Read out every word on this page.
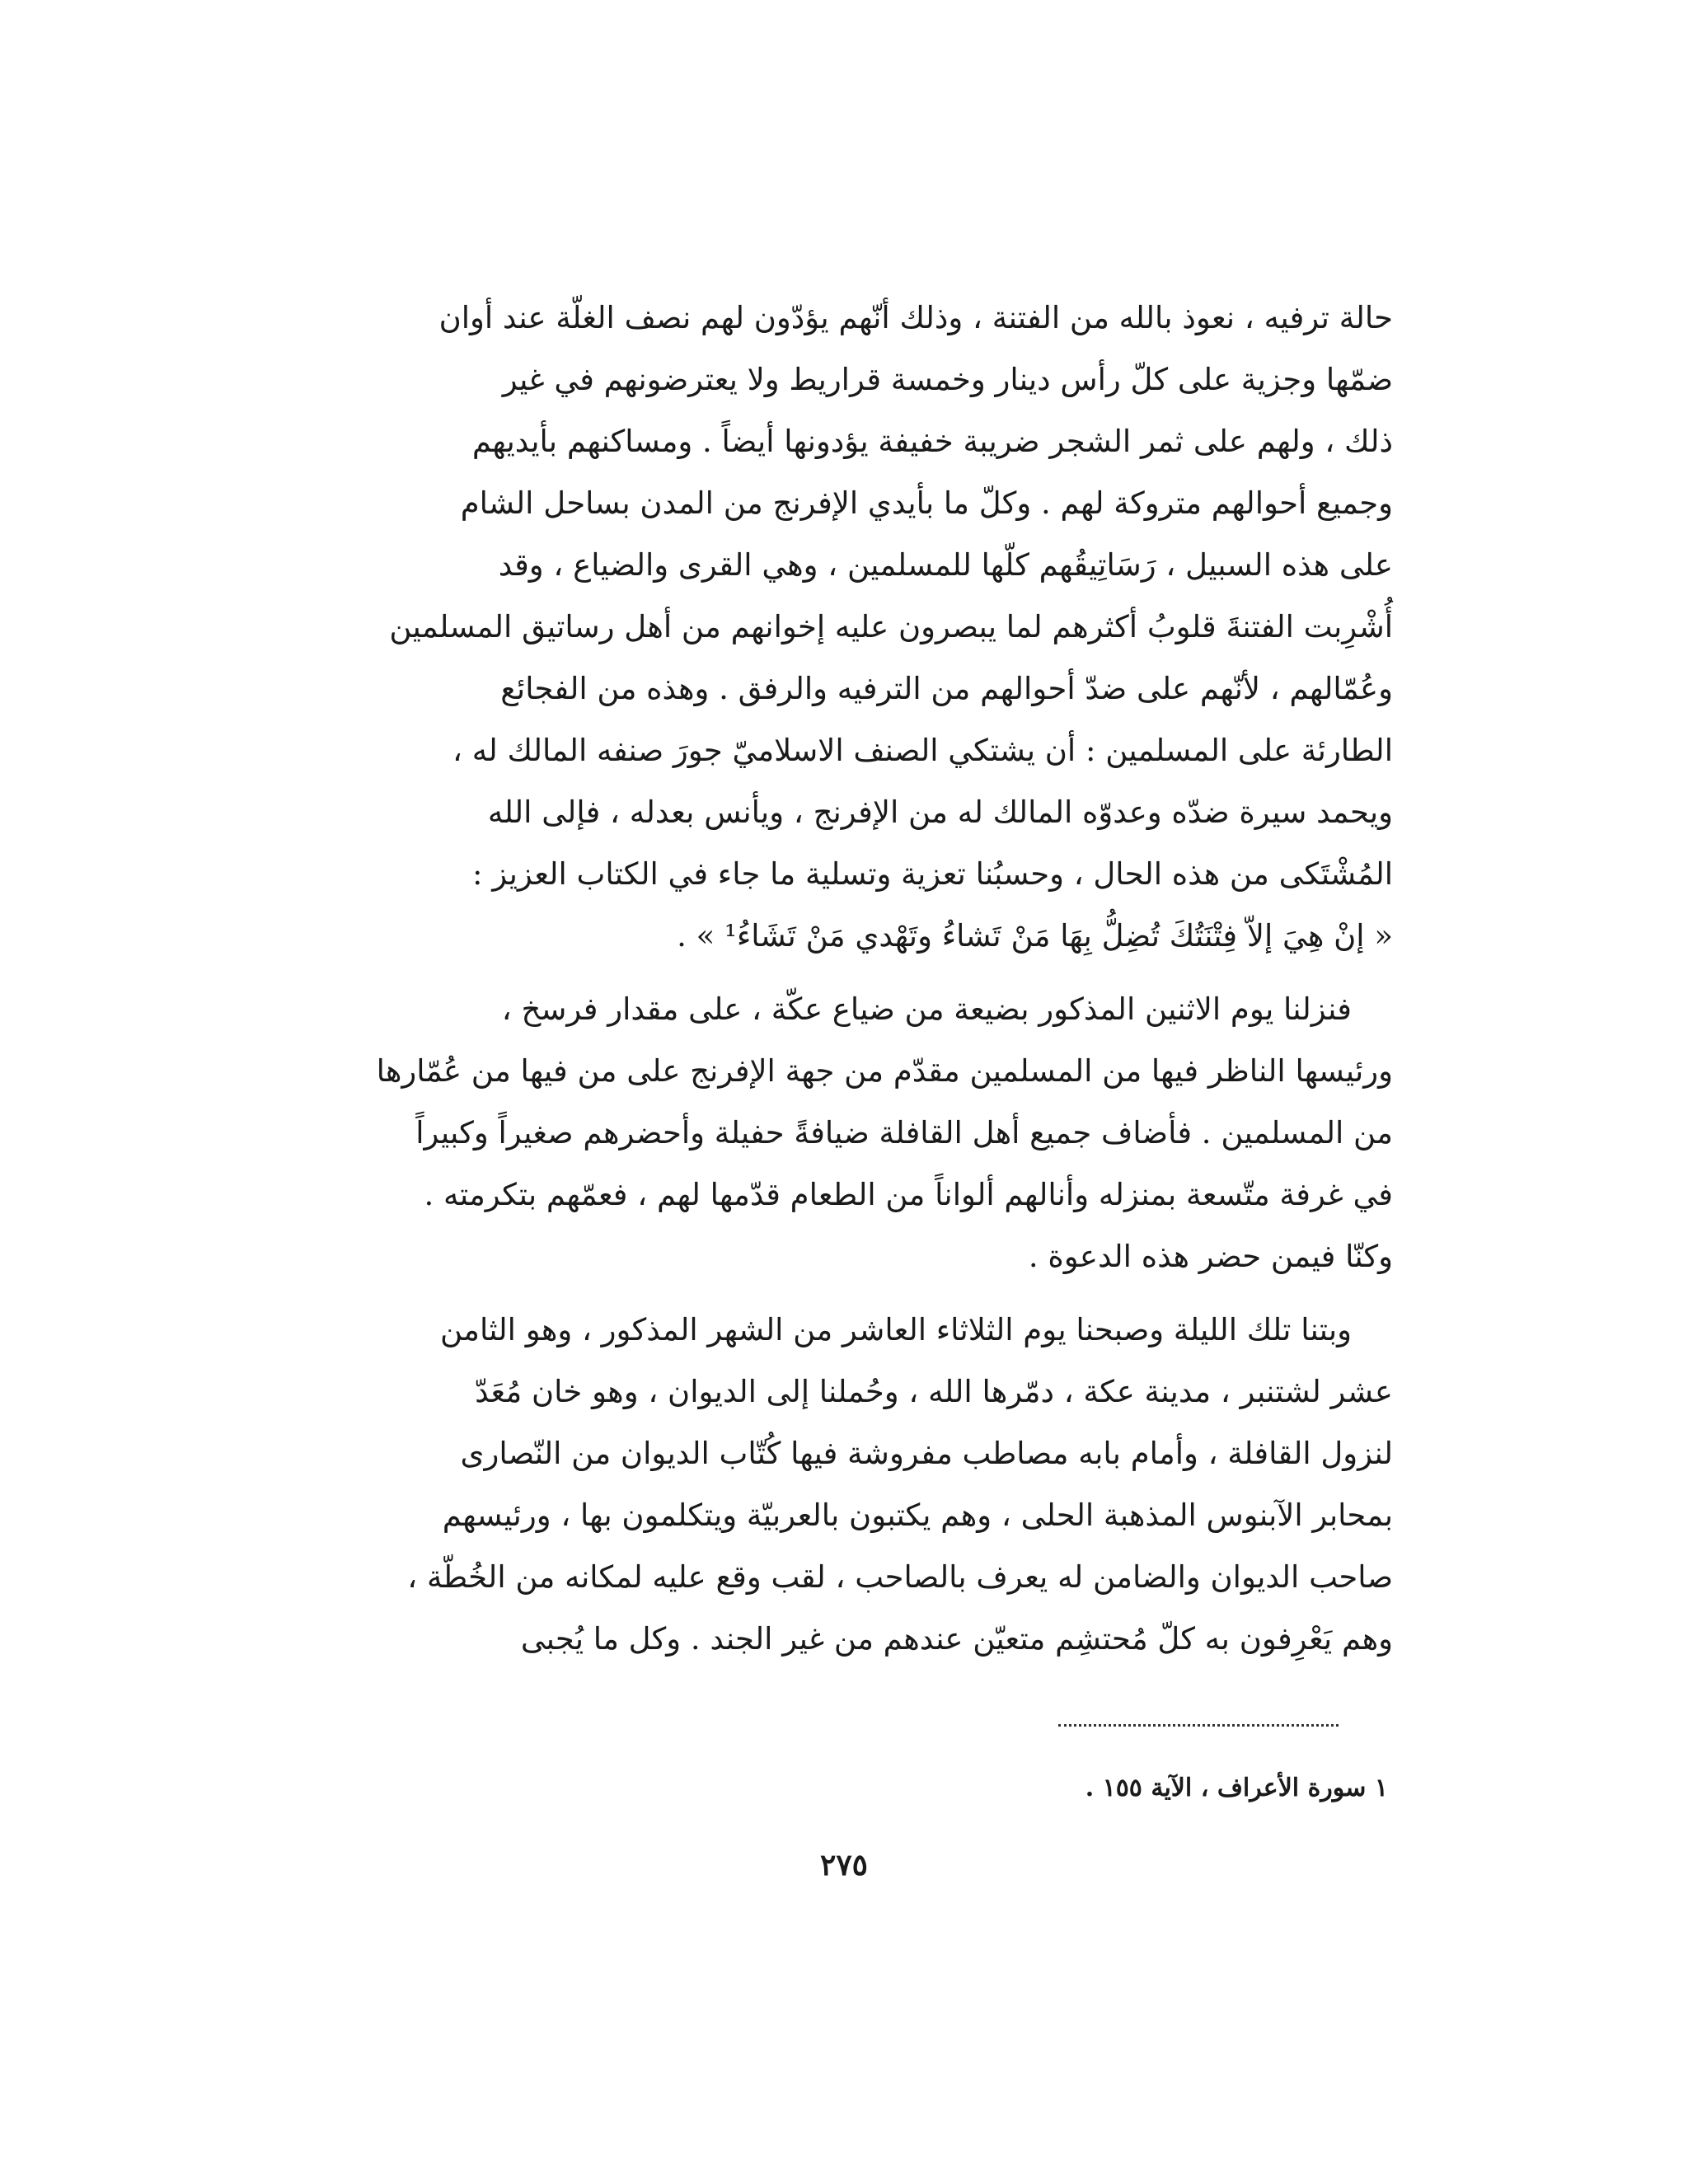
حالة ترفيه ، نعوذ بالله من الفتنة ، وذلك أنّهم يؤدّون لهم نصف الغلّة عند أوان

ضمّها وجزية على كلّ رأس دينار وخمسة قراريط ولا يعترضونهم في غير

ذلك ، ولهم على ثمر الشجر ضريبة خفيفة يؤدونها أيضاً . ومساكنهم بأيديهم

وجميع أحوالهم متروكة لهم . وكلّ ما بأيدي الإفرنج من المدن بساحل الشام

على هذه السبيل ، رَسَاتِيقُهم كلّها للمسلمين ، وهي القرى والضياع ، وقد

أُشْرِبت الفتنةَ قلوبُ أكثرهم لما يبصرون عليه إخوانهم من أهل رساتيق المسلمين

وعُمّالهم ، لأنّهم على ضدّ أحوالهم من الترفيه والرفق . وهذه من الفجائع

الطارئة على المسلمين : أن يشتكي الصنف الاسلاميّ جورَ صنفه المالك له ،

ويحمد سيرة ضدّه وعدوّه المالك له من الإفرنج ، ويأنس بعدله ، فإلى الله

المُشْتَكى من هذه الحال ، وحسبُنا تعزية وتسلية ما جاء في الكتاب العزيز :

« إنْ هِيَ إلاّ فِتْنَتُكَ تُضِلُّ بِهَا مَنْ تَشاءُ وتَهْدي مَنْ تَشَاءُ¹ » .

فنزلنا يوم الاثنين المذكور بضيعة من ضياع عكّة ، على مقدار فرسخ ،

ورئيسها الناظر فيها من المسلمين مقدّم من جهة الإفرنج على من فيها من عُمّارها

من المسلمين . فأضاف جميع أهل القافلة ضيافةً حفيلة وأحضرهم صغيراً وكبيراً

في غرفة متّسعة بمنزله وأنالهم ألواناً من الطعام قدّمها لهم ، فعمّهم بتكرمته .

وكنّا فيمن حضر هذه الدعوة .

وبتنا تلك الليلة وصبحنا يوم الثلاثاء العاشر من الشهر المذكور ، وهو الثامن

عشر لشتنبر ، مدينة عكة ، دمّرها الله ، وحُملنا إلى الديوان ، وهو خان مُعَدّ

لنزول القافلة ، وأمام بابه مصاطب مفروشة فيها كُتّاب الديوان من النّصارى

بمحابر الآبنوس المذهبة الحلى ، وهم يكتبون بالعربيّة ويتكلمون بها ، ورئيسهم

صاحب الديوان والضامن له يعرف بالصاحب ، لقب وقع عليه لمكانه من الخُطّة ،

وهم يَعْرِفون به كلّ مُحتشِم متعيّن عندهم من غير الجند . وكل ما يُجبى

١ سورة الأعراف ، الآية ١٥٥ .
٢٧٥
